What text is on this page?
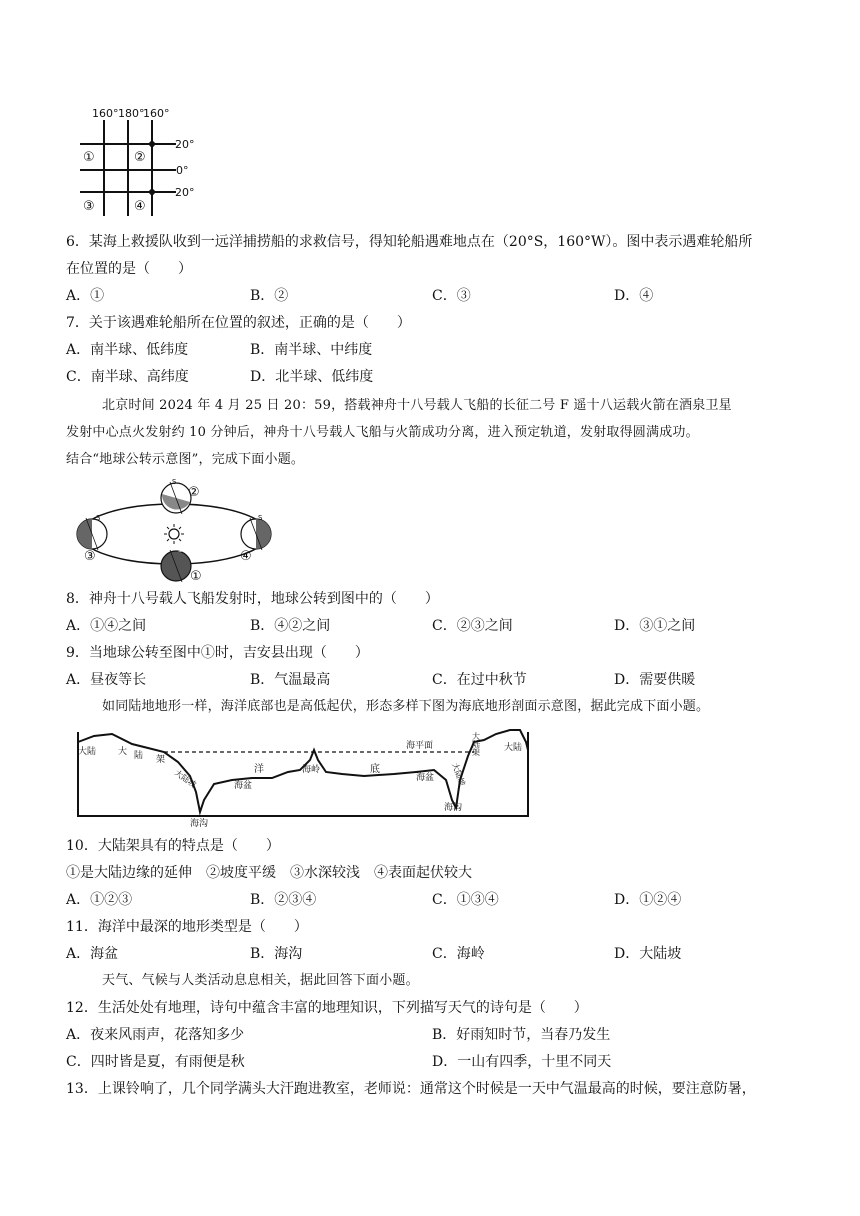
160° 180°
160°
20°
0°
20°
①	②
③	④
6．某海上救援队收到一远洋捕捞船的求救信号，得知轮船遇难地点在（20°S，160°W）。图中表示遇难轮船所
在位置的是（　　）
A．①	B．②	C．③	D．④
7．关于该遇难轮船所在位置的叙述，正确的是（　　）
A．南半球、低纬度	B．南半球、中纬度
C．南半球、高纬度	D．北半球、低纬度
北京时间 2024 年 4 月 25 日 20：59，搭载神舟十八号载人飞船的长征二号 F 遥十八运载火箭在酒泉卫星
发射中心点火发射约 10 分钟后，神舟十八号载人飞船与火箭成功分离，进入预定轨道，发射取得圆满成功。
结合“地球公转示意图”，完成下面小题。
②
③	④
①
S
S	S
S
8．神舟十八号载人飞船发射时，地球公转到图中的（　　）
A．①④之间	B．④②之间	C．②③之间	D．③①之间
9．当地球公转至图中①时，吉安县出现（　　）
A．昼夜等长	B．气温最高	C．在过中秋节	D．需要供暖
如同陆地地形一样，海洋底部也是高低起伏，形态多样下图为海底地形剖面示意图，据此完成下面小题。
大陆 大 陆 架
大陆坡	海盆
洋	海岭	底
海盆 大陆坡
海平面	大陆架	大陆
海沟
海沟
10．大陆架具有的特点是（　　）
①是大陆边缘的延伸　②坡度平缓　③水深较浅　④表面起伏较大
A．①②③	B．②③④	C．①③④	D．①②④
11．海洋中最深的地形类型是（　　）
A．海盆	B．海沟	C．海岭	D．大陆坡
天气、气候与人类活动息息相关，据此回答下面小题。
12．生活处处有地理，诗句中蕴含丰富的地理知识，下列描写天气的诗句是（　　）
A．夜来风雨声，花落知多少	B．好雨知时节，当春乃发生
C．四时皆是夏，有雨便是秋	D．一山有四季，十里不同天
13．上课铃响了，几个同学满头大汗跑进教室，老师说：通常这个时候是一天中气温最高的时候，要注意防暑，
